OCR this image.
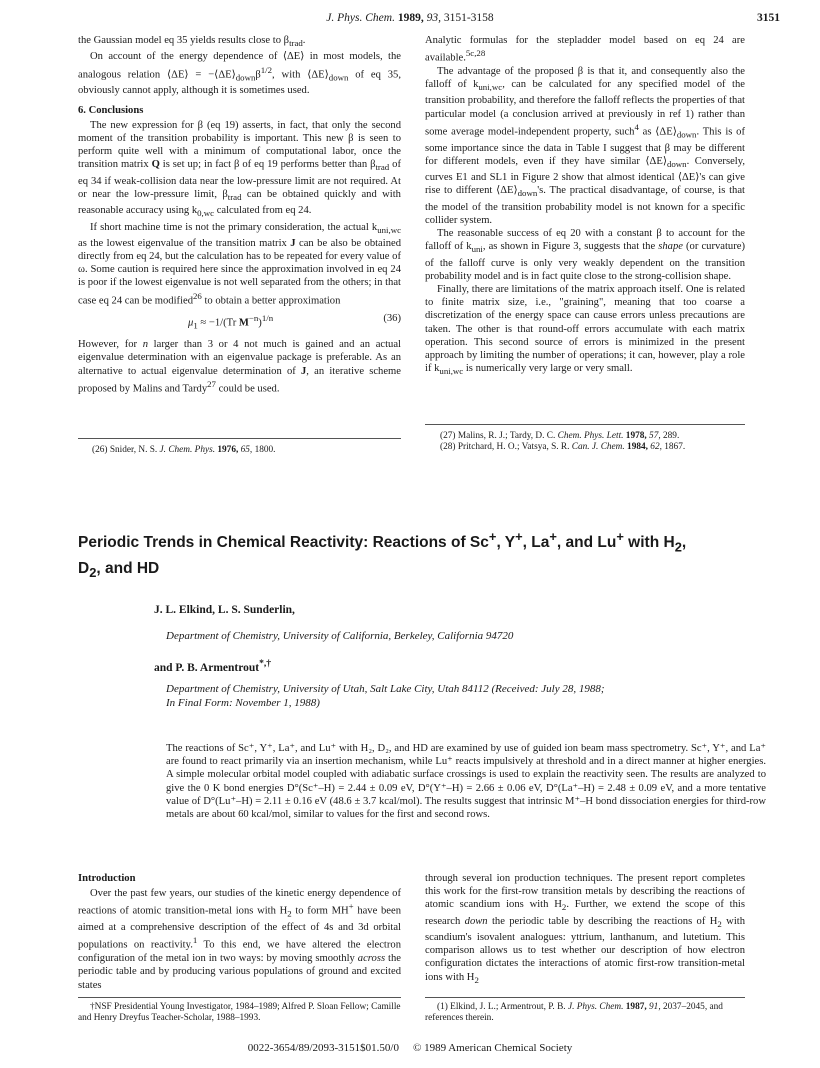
J. Phys. Chem. 1989, 93, 3151-3158	3151

the Gaussian model eq 35 yields results close to $\beta_{trad}$.

On account of the energy dependence of ⟨ΔE⟩ in most models, the analogous relation ⟨ΔE⟩ = $-⟨\Delta E⟩_{down}\beta^{1/2}$, with $⟨\Delta E⟩_{down}$ of eq 35, obviously cannot apply, although it is sometimes used.

6. Conclusions

The new expression for β (eq 19) asserts, in fact, that only the second moment of the transition probability is important. This new β is seen to perform quite well with a minimum of computational labor, once the transition matrix Q is set up; in fact β of eq 19 performs better than $\beta_{trad}$ of eq 34 if weak-collision data near the low-pressure limit are not required. At or near the low-pressure limit, $\beta_{trad}$ can be obtained quickly and with reasonable accuracy using $k_{0,wc}$ calculated from eq 24.

If short machine time is not the primary consideration, the actual $k_{uni,wc}$ as the lowest eigenvalue of the transition matrix J can be also be obtained directly from eq 24, but the calculation has to be repeated for every value of ω. Some caution is required here since the approximation involved in eq 24 is poor if the lowest eigenvalue is not well separated from the others; in that case eq 24 can be modified$^{26}$ to obtain a better approximation

$\mu_1 \approx -1/(Tr$ $M^{-n})^{1/n}$	(36)

However, for n larger than 3 or 4 not much is gained and an actual eigenvalue determination with an eigenvalue package is preferable. As an alternative to actual eigenvalue determination of J, an iterative scheme proposed by Malins and Tardy$^{27}$ could be used.

(26) Snider, N. S. J. Chem. Phys. 1976, 65, 1800.

Analytic formulas for the stepladder model based on eq 24 are available.$^{5c,28}$

The advantage of the proposed β is that it, and consequently also the falloff of $k_{uni,wc}$, can be calculated for any specified model of the transition probability, and therefore the falloff reflects the properties of that particular model (a conclusion arrived at previously in ref 1) rather than some average model-independent property, such$^4$ as $⟨\Delta E⟩_{down}$. This is of some importance since the data in Table I suggest that β may be different for different models, even if they have similar $⟨\Delta E⟩_{down}$. Conversely, curves E1 and SL1 in Figure 2 show that almost identical ⟨ΔE⟩'s can give rise to different $⟨\Delta E⟩_{down}'s$. The practical disadvantage, of course, is that the model of the transition probability model is not known for a specific collider system.

The reasonable success of eq 20 with a constant β to account for the falloff of $k_{uni}$, as shown in Figure 3, suggests that the shape (or curvature) of the falloff curve is only very weakly dependent on the transition probability model and is in fact quite close to the strong-collision shape.

Finally, there are limitations of the matrix approach itself. One is related to finite matrix size, i.e., "graining", meaning that too coarse a discretization of the energy space can cause errors unless precautions are taken. The other is that round-off errors accumulate with each matrix operation. This second source of errors is minimized in the present approach by limiting the number of operations; it can, however, play a role if $k_{uni,wc}$ is numerically very large or very small.

(27) Malins, R. J.; Tardy, D. C. Chem. Phys. Lett. 1978, 57, 289.
(28) Pritchard, H. O.; Vatsya, S. R. Can. J. Chem. 1984, 62, 1867.
Periodic Trends in Chemical Reactivity: Reactions of Sc+, Y+, La+, and Lu+ with $H_2$,
$D_2$, and HD
J. L. Elkind, L. S. Sunderlin,
Department of Chemistry, University of California, Berkeley, California 94720
and P. B. Armentrout*,†
Department of Chemistry, University of Utah, Salt Lake City, Utah 84112 (Received: July 28, 1988;
In Final Form: November 1, 1988)

The reactions of Sc⁺, Y⁺, La⁺, and Lu⁺ with H₂, D₂, and HD are examined by use of guided ion beam mass spectrometry. Sc⁺, Y⁺, and La⁺ are found to react primarily via an insertion mechanism, while Lu⁺ reacts impulsively at threshold and in a direct manner at higher energies. A simple molecular orbital model coupled with adiabatic surface crossings is used to explain the reactivity seen. The results are analyzed to give the 0 K bond energies D°(Sc⁺–H) = 2.44 ± 0.09 eV, D°(Y⁺–H) = 2.66 ± 0.06 eV, D°(La⁺–H) = 2.48 ± 0.09 eV, and a more tentative value of D°(Lu⁺–H) = 2.11 ± 0.16 eV (48.6 ± 3.7 kcal/mol). The results suggest that intrinsic M⁺–H bond dissociation energies for third-row metals are about 60 kcal/mol, similar to values for the first and second rows.

Introduction

Over the past few years, our studies of the kinetic energy dependence of reactions of atomic transition-metal ions with $H_2$ to form MH+ have been aimed at a comprehensive description of the effect of 4s and 3d orbital populations on reactivity.$^1$ To this end, we have altered the electron configuration of the metal ion in two ways: by moving smoothly across the periodic table and by producing various populations of ground and excited states

†NSF Presidential Young Investigator, 1984–1989; Alfred P. Sloan Fellow; Camille and Henry Dreyfus Teacher-Scholar, 1988–1993.

through several ion production techniques. The present report completes this work for the first-row transition metals by describing the reactions of atomic scandium ions with $H_2$. Further, we extend the scope of this research down the periodic table by describing the reactions of $H_2$ with scandium's isovalent analogues: yttrium, lanthanum, and lutetium. This comparison allows us to test whether our description of how electron configuration dictates the interactions of atomic first-row transition-metal ions with $H_2$

(1) Elkind, J. L.; Armentrout, P. B. J. Phys. Chem. 1987, 91, 2037–2045, and references therein.
0022-3654/89/2093-3151$01.50/0 © 1989 American Chemical Society
